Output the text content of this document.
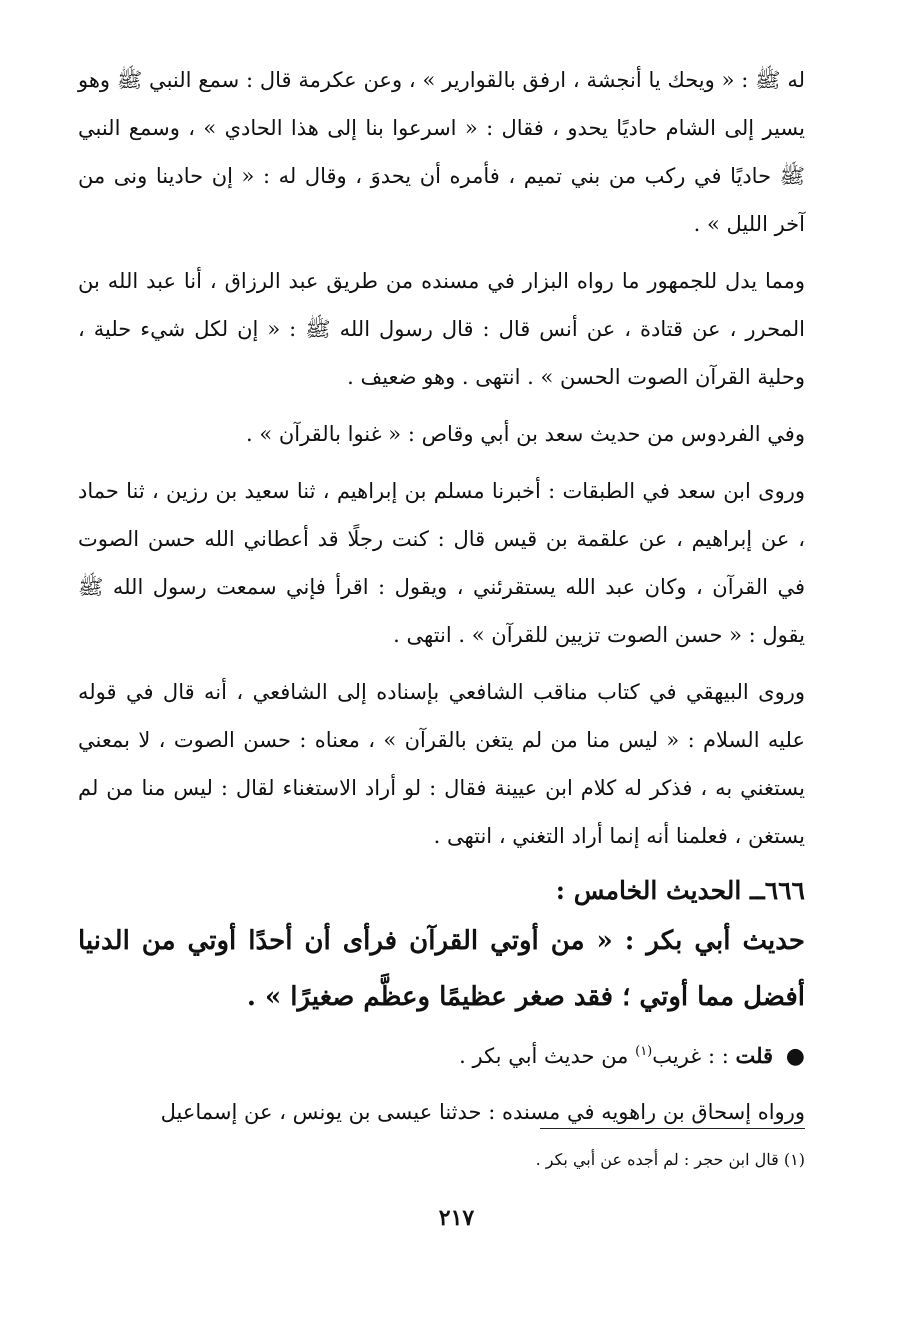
له ﷺ : « ويحك يا أنجشة ، ارفق بالقوارير » ، وعن عكرمة قال : سمع النبي ﷺ وهو يسير إلى الشام حاديًا يحدو ، فقال : « اسرعوا بنا إلى هذا الحادي » ، وسمع النبي ﷺ حاديًا في ركب من بني تميم ، فأمره أن يحدوَ ، وقال له : « إن حادينا ونى من آخر الليل » .

ومما يدل للجمهور ما رواه البزار في مسنده من طريق عبد الرزاق ، أنا عبد الله بن المحرر ، عن قتادة ، عن أنس قال : قال رسول الله ﷺ : « إن لكل شيء حلية ، وحلية القرآن الصوت الحسن » . انتهى . وهو ضعيف .

وفي الفردوس من حديث سعد بن أبي وقاص : « غنوا بالقرآن » .

وروى ابن سعد في الطبقات : أخبرنا مسلم بن إبراهيم ، ثنا سعيد بن رزين ، ثنا حماد ، عن إبراهيم ، عن علقمة بن قيس قال : كنت رجلًا قد أعطاني الله حسن الصوت في القرآن ، وكان عبد الله يستقرئني ، ويقول : اقرأ فإني سمعت رسول الله ﷺ يقول : « حسن الصوت تزيين للقرآن » . انتهى .

وروى البيهقي في كتاب مناقب الشافعي بإسناده إلى الشافعي ، أنه قال في قوله عليه السلام : « ليس منا من لم يتغن بالقرآن » ، معناه : حسن الصوت ، لا بمعني يستغني به ، فذكر له كلام ابن عيينة فقال : لو أراد الاستغناء لقال : ليس منا من لم يستغن ، فعلمنا أنه إنما أراد التغني ، انتهى .

٦٦٦ــ الحديث الخامس :
حديث أبي بكر : « من أوتي القرآن فرأى أن أحدًا أوتي من الدنيا أفضل مما أوتي ؛ فقد صغر عظيمًا وعظَّم صغيرًا » .

● قلت : : غريب$^{(١)}$ من حديث أبي بكر .

ورواه إسحاق بن راهويه في مسنده : حدثنا عيسى بن يونس ، عن إسماعيل

(١) قال ابن حجر : لم أجده عن أبي بكر .
٢١٧
